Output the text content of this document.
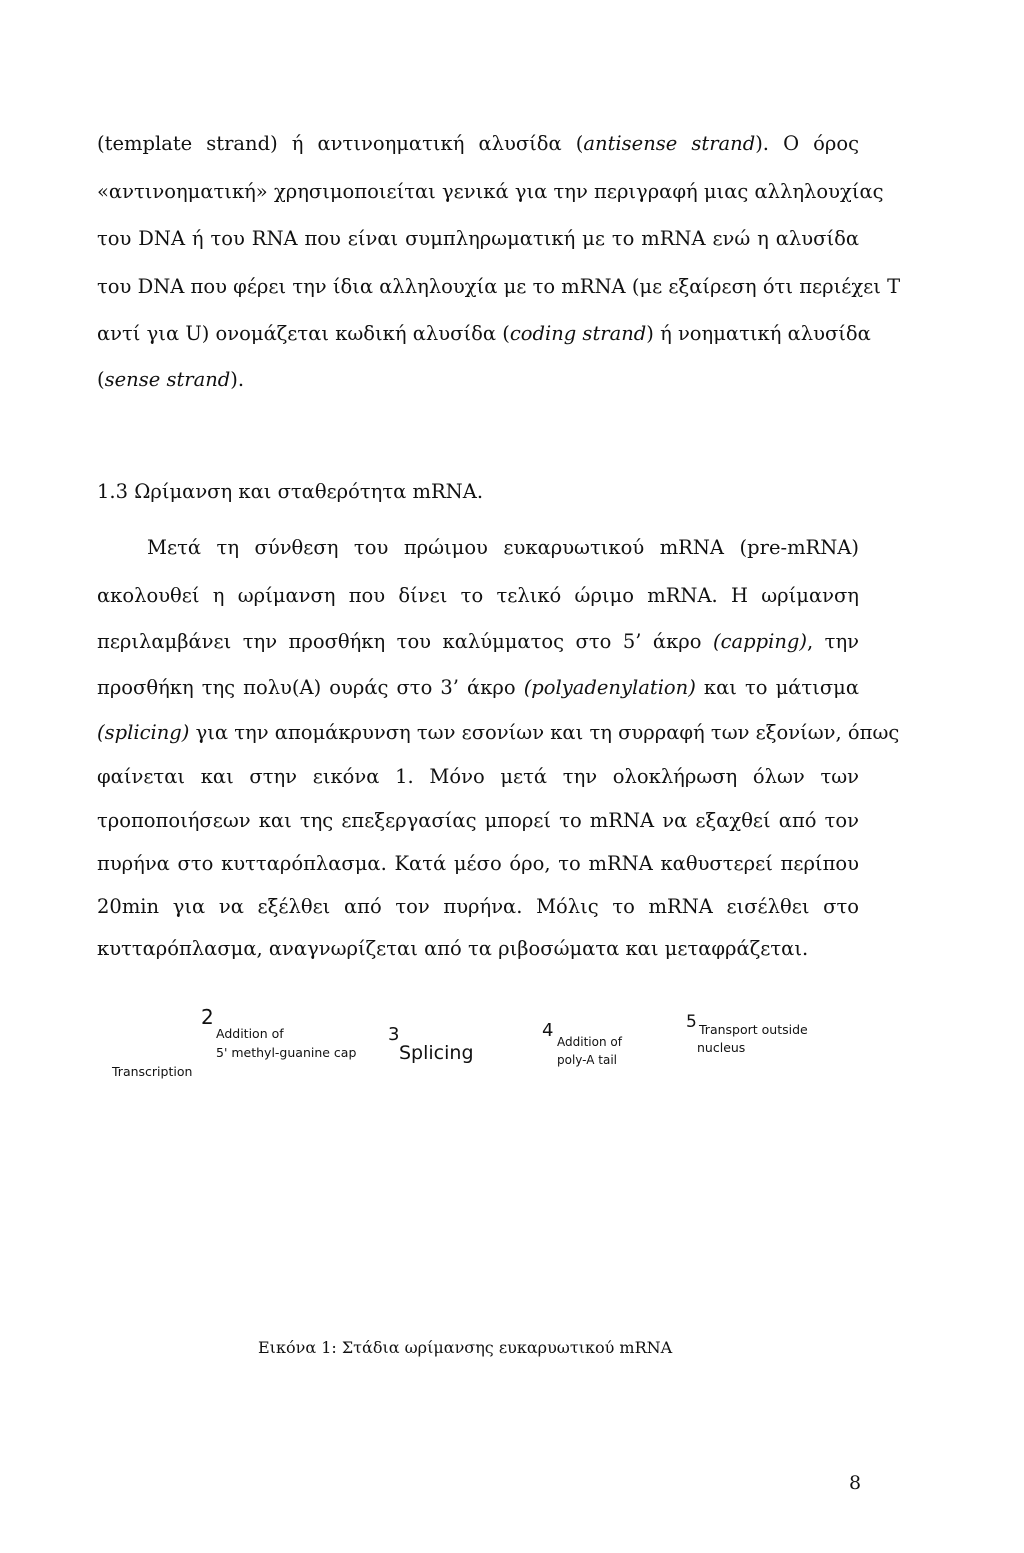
(template strand) ή αντινοηματική αλυσίδα (antisense strand). Ο όρος
«αντινοηματική» χρησιμοποιείται γενικά για την περιγραφή μιας αλληλουχίας
του DNA ή του RNA που είναι συμπληρωματική με το mRNA ενώ η αλυσίδα
του DNA που φέρει την ίδια αλληλουχία με το mRNA (με εξαίρεση ότι περιέχει Τ
αντί για U) ονομάζεται κωδική αλυσίδα (coding strand) ή νοηματική αλυσίδα
(sense strand).
1.3 Ωρίμανση και σταθερότητα mRNA.
Μετά τη σύνθεση του πρώιμου ευκαρυωτικού mRNA (pre-mRNA)
ακολουθεί η ωρίμανση που δίνει το τελικό ώριμο mRNA. Η ωρίμανση
περιλαμβάνει την προσθήκη του καλύμματος στο 5’ άκρο (capping), την
προσθήκη της πολυ(Α) ουράς στο 3’ άκρο (polyadenylation) και το μάτισμα
(splicing) για την απομάκρυνση των εσονίων και τη συρραφή των εξονίων, όπως
φαίνεται και στην εικόνα 1. Μόνο μετά την ολοκλήρωση όλων των
τροποποιήσεων και της επεξεργασίας μπορεί το mRNA να εξαχθεί από τον
πυρήνα στο κυτταρόπλασμα. Κατά μέσο όρο, το mRNA καθυστερεί περίπου
20min για να εξέλθει από τον πυρήνα. Μόλις το mRNA εισέλθει στο
κυτταρόπλασμα, αναγνωρίζεται από τα ριβοσώματα και μεταφράζεται.
Transcription
2
Addition of
5' methyl-guanine cap
3
Splicing
4
Addition of
poly-A tail
5 Transport outside
nucleus
Εικόνα 1: Στάδια ωρίμανσης ευκαρυωτικού mRNA
8
